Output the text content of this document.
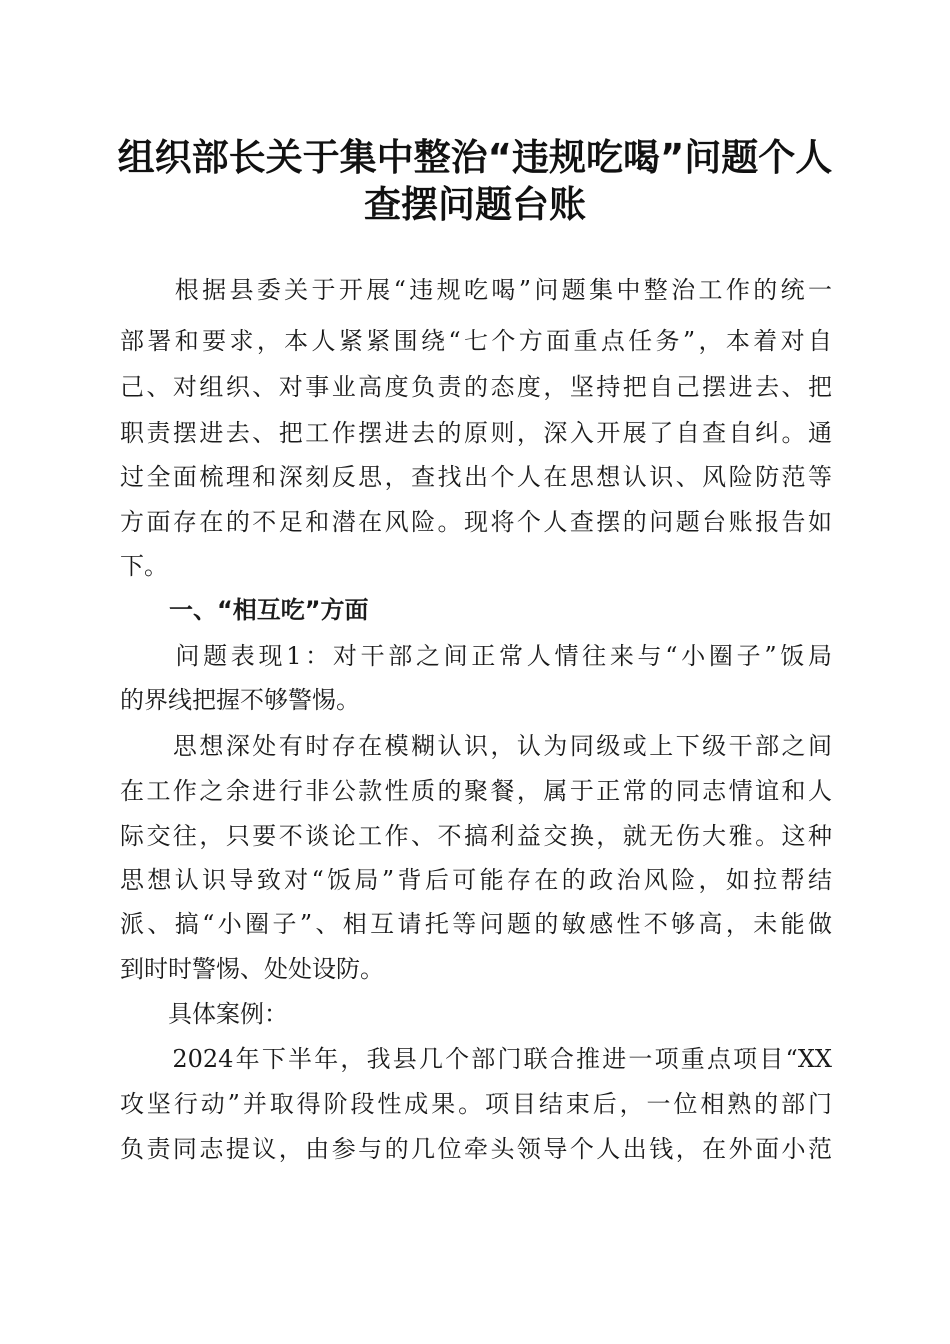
组织部长关于集中整治“违规吃喝”问题个人
查摆问题台账
　　根据县委关于开展“违规吃喝”问题集中整治工作的统一
部署和要求，本人紧紧围绕“七个方面重点任务”，本着对自
己、对组织、对事业高度负责的态度，坚持把自己摆进去、把
职责摆进去、把工作摆进去的原则，深入开展了自查自纠。通
过全面梳理和深刻反思，查找出个人在思想认识、风险防范等
方面存在的不足和潜在风险。现将个人查摆的问题台账报告如
下。
一、“相互吃”方面
　　问题表现1：对干部之间正常人情往来与“小圈子”饭局
的界线把握不够警惕。
　　思想深处有时存在模糊认识，认为同级或上下级干部之间
在工作之余进行非公款性质的聚餐，属于正常的同志情谊和人
际交往，只要不谈论工作、不搞利益交换，就无伤大雅。这种
思想认识导致对“饭局”背后可能存在的政治风险，如拉帮结
派、搞“小圈子”、相互请托等问题的敏感性不够高，未能做
到时时警惕、处处设防。
　　具体案例：
　　2024年下半年，我县几个部门联合推进一项重点项目“XX
攻坚行动”并取得阶段性成果。项目结束后，一位相熟的部门
负责同志提议，由参与的几位牵头领导个人出钱，在外面小范
